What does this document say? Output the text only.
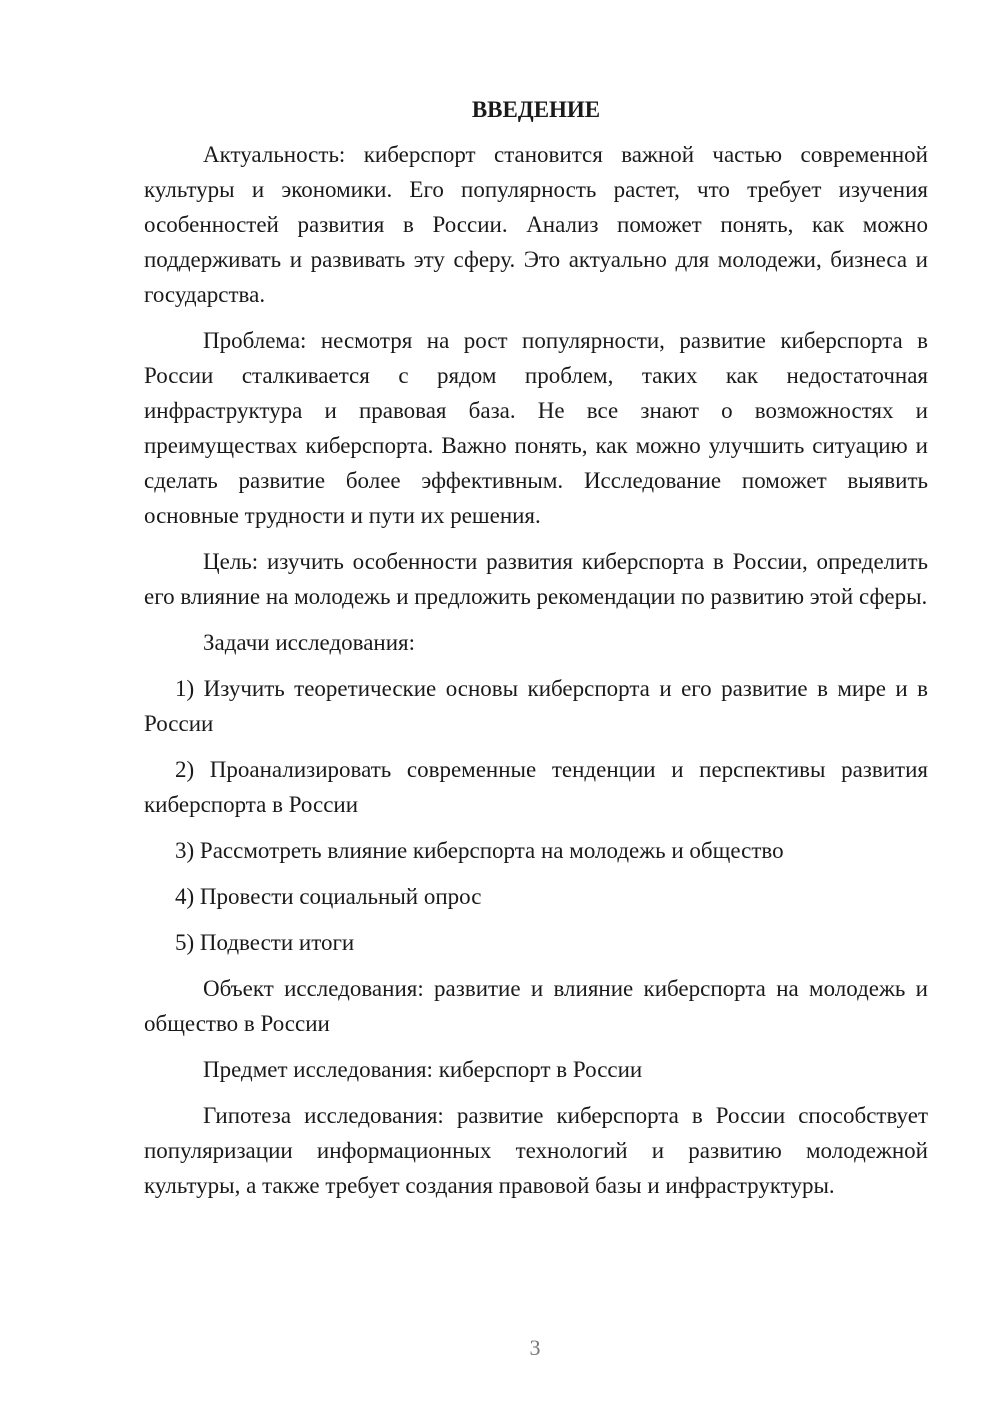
ВВЕДЕНИЕ

Актуальность: киберспорт становится важной частью современной культуры и экономики. Его популярность растет, что требует изучения особенностей развития в России. Анализ поможет понять, как можно поддерживать и развивать эту сферу. Это актуально для молодежи, бизнеса и государства.

Проблема: несмотря на рост популярности, развитие киберспорта в России сталкивается с рядом проблем, таких как недостаточная инфраструктура и правовая база. Не все знают о возможностях и преимуществах киберспорта. Важно понять, как можно улучшить ситуацию и сделать развитие более эффективным. Исследование поможет выявить основные трудности и пути их решения.

Цель: изучить особенности развития киберспорта в России, определить его влияние на молодежь и предложить рекомендации по развитию этой сферы.

Задачи исследования:

1) Изучить теоретические основы киберспорта и его развитие в мире и в России

2) Проанализировать современные тенденции и перспективы развития киберспорта в России

3) Рассмотреть влияние киберспорта на молодежь и общество

4) Провести социальный опрос

5) Подвести итоги

Объект исследования: развитие и влияние киберспорта на молодежь и общество в России

Предмет исследования: киберспорт в России

Гипотеза исследования: развитие киберспорта в России способствует популяризации информационных технологий и развитию молодежной культуры, а также требует создания правовой базы и инфраструктуры.

3
